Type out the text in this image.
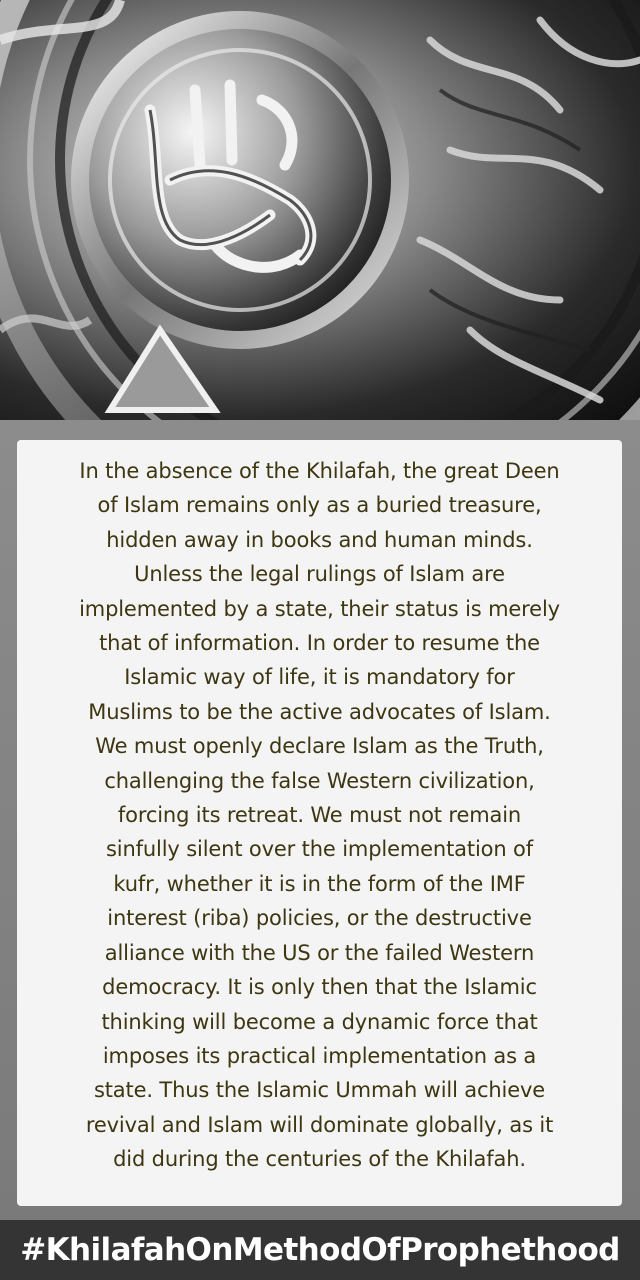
In the absence of the Khilafah, the great Deen
of Islam remains only as a buried treasure,
hidden away in books and human minds.
Unless the legal rulings of Islam are
implemented by a state, their status is merely
that of information. In order to resume the
Islamic way of life, it is mandatory for
Muslims to be the active advocates of Islam.
We must openly declare Islam as the Truth,
challenging the false Western civilization,
forcing its retreat. We must not remain
sinfully silent over the implementation of
kufr, whether it is in the form of the IMF
interest (riba) policies, or the destructive
alliance with the US or the failed Western
democracy. It is only then that the Islamic
thinking will become a dynamic force that
imposes its practical implementation as a
state. Thus the Islamic Ummah will achieve
revival and Islam will dominate globally, as it
did during the centuries of the Khilafah.

#KhilafahOnMethodOfProphethood
